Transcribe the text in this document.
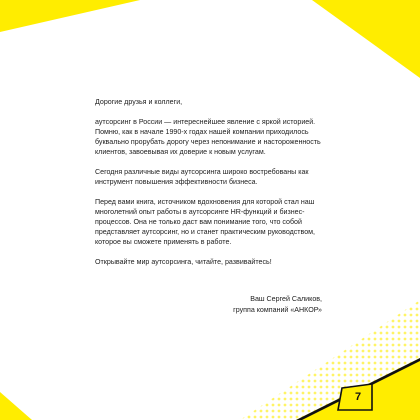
Дорогие друзья и коллеги,

аутсорсинг в России — интереснейшее явление с яркой историей. Помню, как в начале 1990-х годах нашей компании приходилось буквально прорубать дорогу через непонимание и настороженность клиентов, завоевывая их доверие к новым услугам.

Сегодня различные виды аутсорсинга широко востребованы как инструмент повышения эффективности бизнеса.

Перед вами книга, источником вдохновения для которой стал наш многолетний опыт работы в аутсорсинге HR-функций и бизнес-процессов. Она не только даст вам понимание того, что собой представляет аутсорсинг, но и станет практическим руководством, которое вы сможете применять в работе.

Открывайте мир аутсорсинга, читайте, развивайтесь!

Ваш Сергей Саликов,
группа компаний «АНКОР»
7
